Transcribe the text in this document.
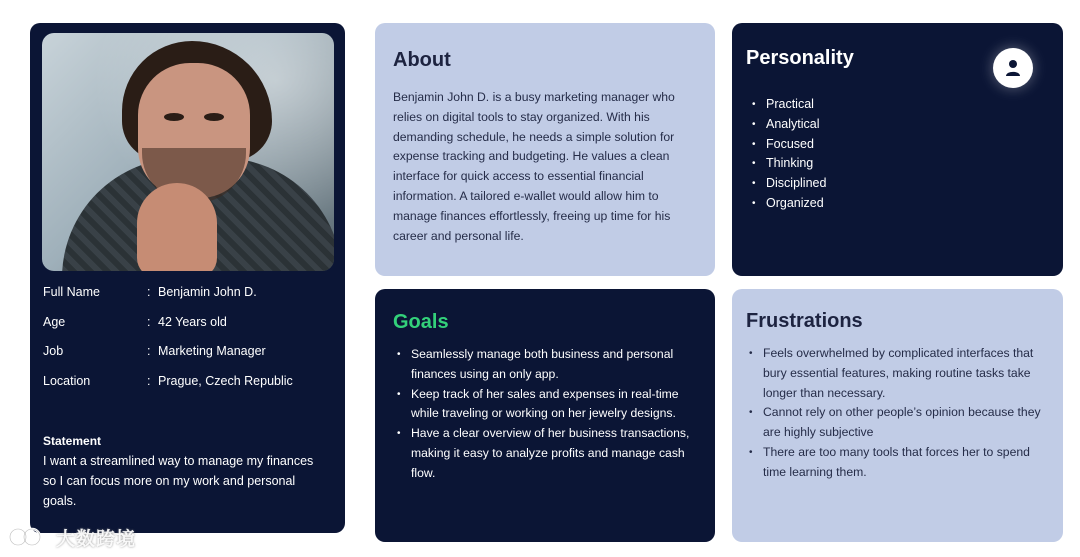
Full Name	: Benjamin John D.
Age	: 42 Years old
Job	: Marketing Manager
Location	: Prague, Czech Republic
Statement
I want a streamlined way to manage my finances so I can focus more on my work and personal goals.
About

Benjamin John D. is a busy marketing manager who relies on digital tools to stay organized. With his demanding schedule, he needs a simple solution for expense tracking and budgeting. He values a clean interface for quick access to essential financial information. A tailored e-wallet would allow him to manage finances effortlessly, freeing up time for his career and personal life.

Personality
• Practical
• Analytical
• Focused
• Thinking
• Disciplined
• Organized
Goals
• Seamlessly manage both business and personal finances using an only app.
• Keep track of her sales and expenses in real-time while traveling or working on her jewelry designs.
• Have a clear overview of her business transactions, making it easy to analyze profits and manage cash flow.
Frustrations
• Feels overwhelmed by complicated interfaces that bury essential features, making routine tasks take longer than necessary.
• Cannot rely on other people’s opinion because they are highly subjective
• There are too many tools that forces her to spend time learning them.
大数跨境
